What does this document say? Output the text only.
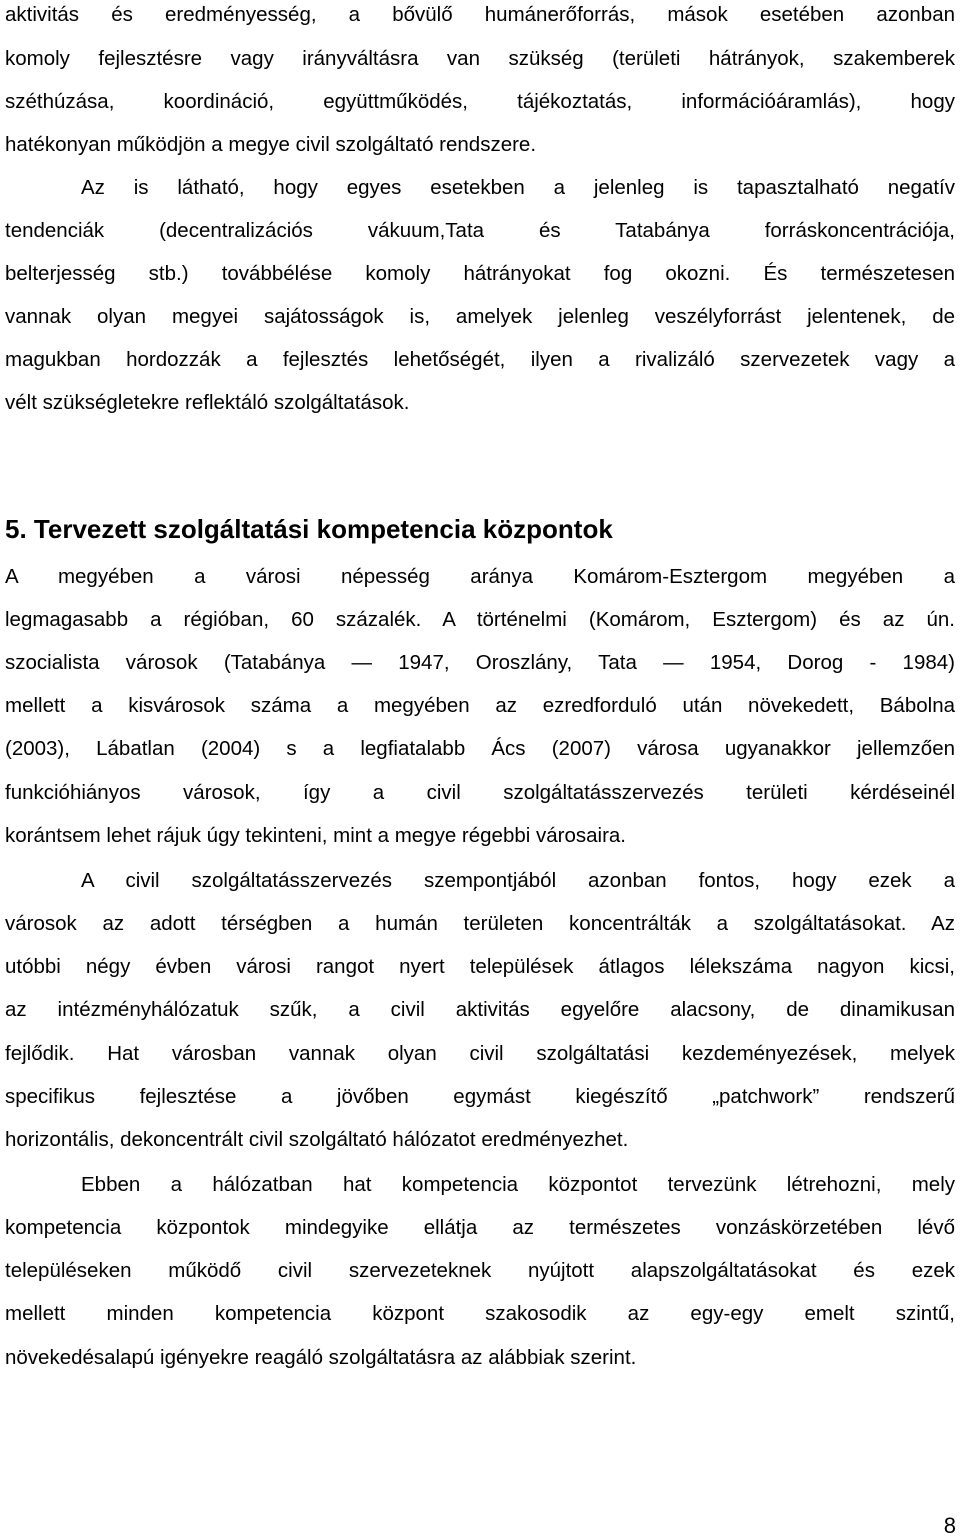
aktivitás és eredményesség, a bővülő humánerőforrás, mások esetében azonban
komoly fejlesztésre vagy irányváltásra van szükség (területi hátrányok, szakemberek
széthúzása, koordináció, együttműködés, tájékoztatás, információáramlás), hogy
hatékonyan működjön a megye civil szolgáltató rendszere.
Az is látható, hogy egyes esetekben a jelenleg is tapasztalható negatív
tendenciák (decentralizációs vákuum,Tata és Tatabánya forráskoncentrációja,
belterjesség stb.) továbbélése komoly hátrányokat fog okozni. És természetesen
vannak olyan megyei sajátosságok is, amelyek jelenleg veszélyforrást jelentenek, de
magukban hordozzák a fejlesztés lehetőségét, ilyen a rivalizáló szervezetek vagy a
vélt szükségletekre reflektáló szolgáltatások.
5. Tervezett szolgáltatási kompetencia központok
A megyében a városi népesség aránya Komárom-Esztergom megyében a
legmagasabb a régióban, 60 százalék. A történelmi (Komárom, Esztergom) és az ún.
szocialista városok (Tatabánya — 1947, Oroszlány, Tata — 1954, Dorog - 1984)
mellett a kisvárosok száma a megyében az ezredforduló után növekedett, Bábolna
(2003), Lábatlan (2004) s a legfiatalabb Ács (2007) városa ugyanakkor jellemzően
funkcióhiányos városok, így a civil szolgáltatásszervezés területi kérdéseinél
korántsem lehet rájuk úgy tekinteni, mint a megye régebbi városaira.
A civil szolgáltatásszervezés szempontjából azonban fontos, hogy ezek a
városok az adott térségben a humán területen koncentrálták a szolgáltatásokat. Az
utóbbi négy évben városi rangot nyert települések átlagos lélekszáma nagyon kicsi,
az intézményhálózatuk szűk, a civil aktivitás egyelőre alacsony, de dinamikusan
fejlődik. Hat városban vannak olyan civil szolgáltatási kezdeményezések, melyek
specifikus fejlesztése a jövőben egymást kiegészítő „patchwork” rendszerű
horizontális, dekoncentrált civil szolgáltató hálózatot eredményezhet.
Ebben a hálózatban hat kompetencia központot tervezünk létrehozni, mely
kompetencia központok mindegyike ellátja az természetes vonzáskörzetében lévő
településeken működő civil szervezeteknek nyújtott alapszolgáltatásokat és ezek
mellett minden kompetencia központ szakosodik az egy-egy emelt szintű,
növekedésalapú igényekre reagáló szolgáltatásra az alábbiak szerint.
8
